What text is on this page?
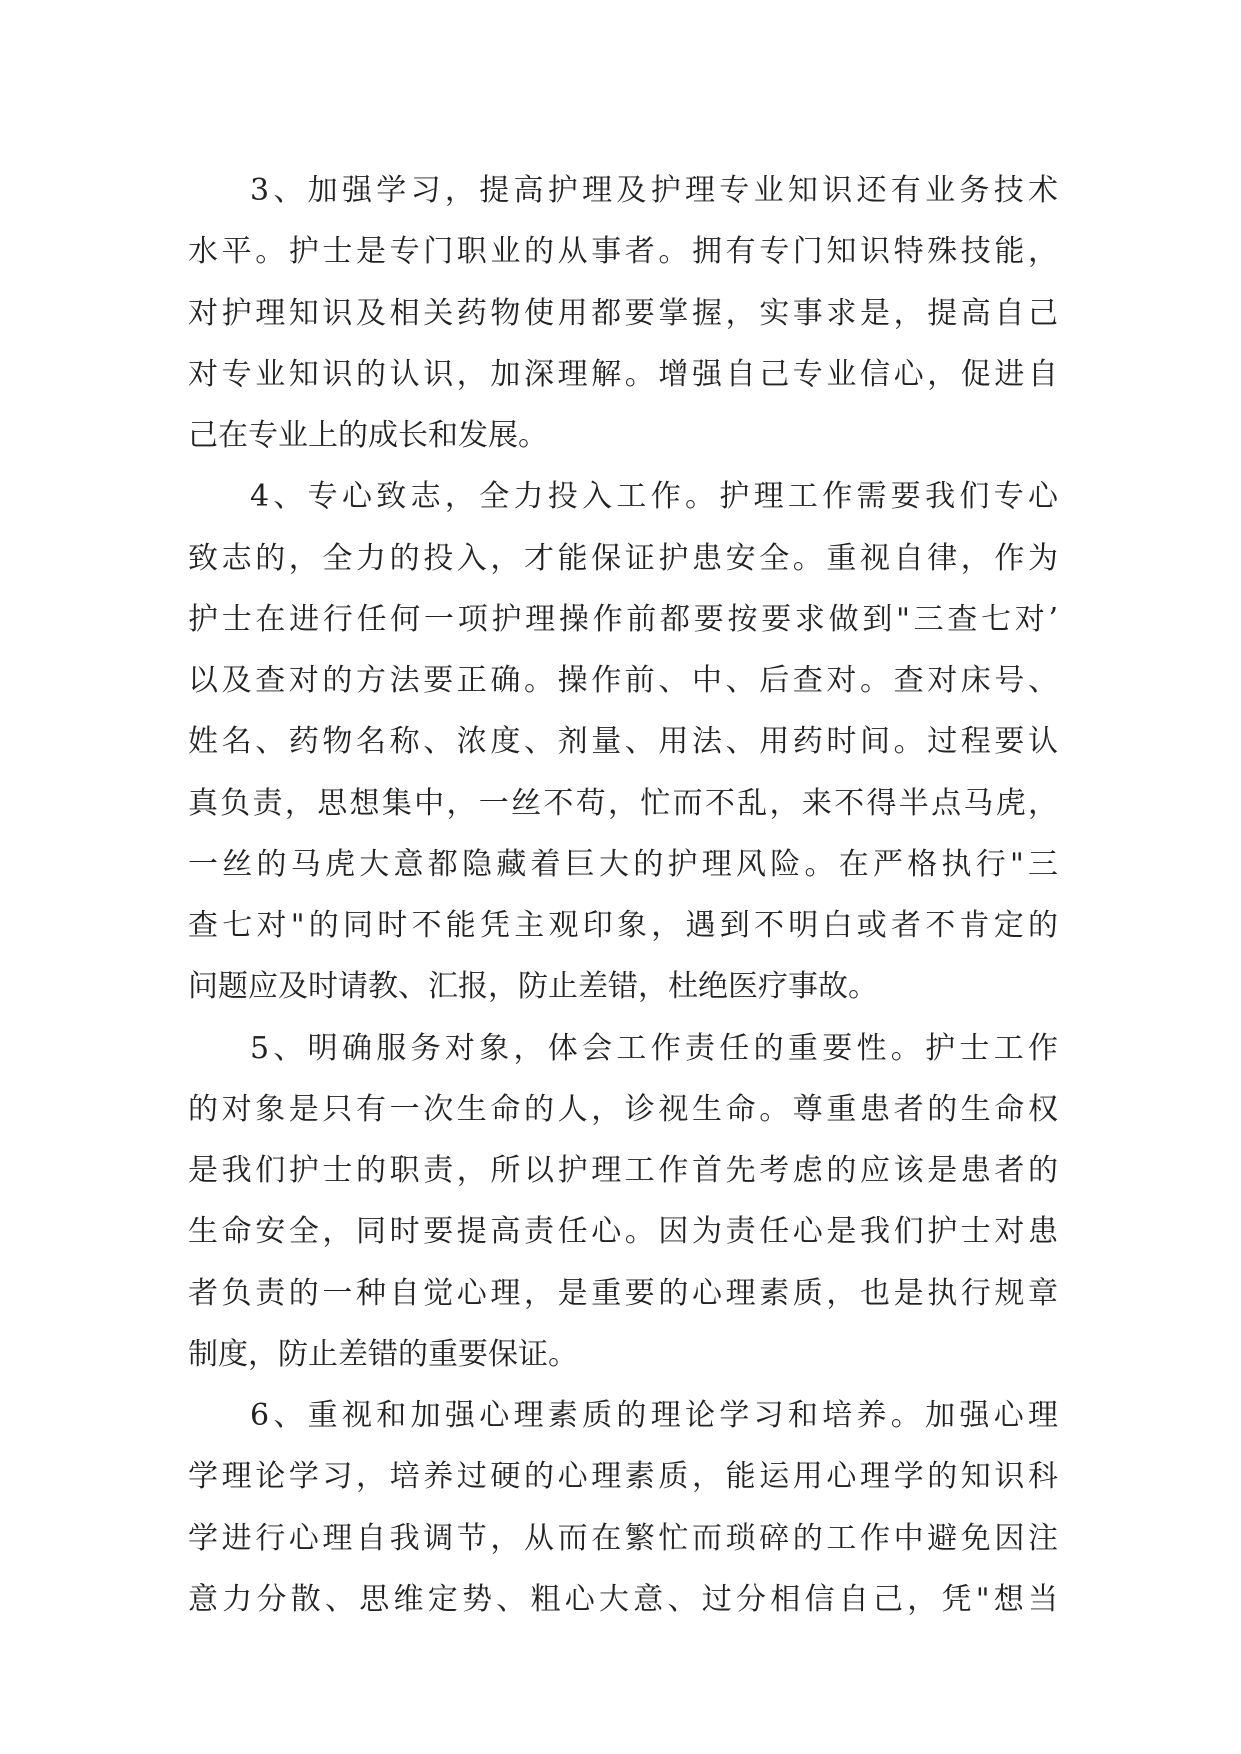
3、加强学习，提高护理及护理专业知识还有业务技术
水平。护士是专门职业的从事者。拥有专门知识特殊技能，
对护理知识及相关药物使用都要掌握，实事求是，提高自己
对专业知识的认识，加深理解。增强自己专业信心，促进自
己在专业上的成长和发展。
4、专心致志，全力投入工作。护理工作需要我们专心
致志的，全力的投入，才能保证护患安全。重视自律，作为
护士在进行任何一项护理操作前都要按要求做到"三查七对’
以及查对的方法要正确。操作前、中、后查对。查对床号、
姓名、药物名称、浓度、剂量、用法、用药时间。过程要认
真负责，思想集中，一丝不苟，忙而不乱，来不得半点马虎，
一丝的马虎大意都隐藏着巨大的护理风险。在严格执行"三
查七对"的同时不能凭主观印象，遇到不明白或者不肯定的
问题应及时请教、汇报，防止差错，杜绝医疗事故。
5、明确服务对象，体会工作责任的重要性。护士工作
的对象是只有一次生命的人，诊视生命。尊重患者的生命权
是我们护士的职责，所以护理工作首先考虑的应该是患者的
生命安全，同时要提高责任心。因为责任心是我们护士对患
者负责的一种自觉心理，是重要的心理素质，也是执行规章
制度，防止差错的重要保证。
6、重视和加强心理素质的理论学习和培养。加强心理
学理论学习，培养过硬的心理素质，能运用心理学的知识科
学进行心理自我调节，从而在繁忙而琐碎的工作中避免因注
意力分散、思维定势、粗心大意、过分相信自己，凭"想当
